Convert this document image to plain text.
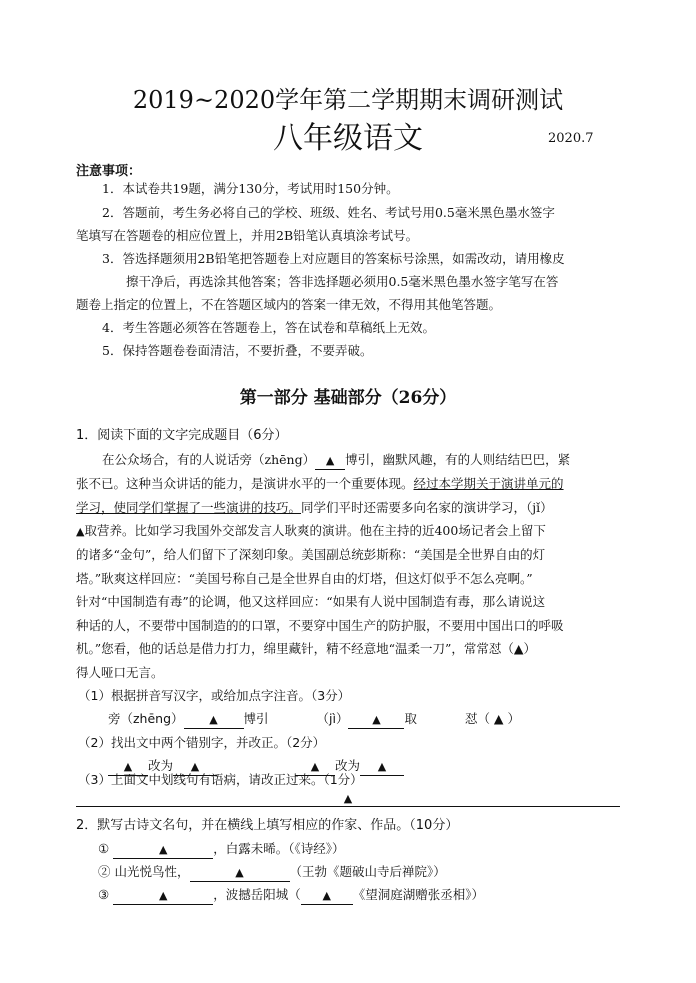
2019~2020学年第二学期期末调研测试
八年级语文	2020.7
注意事项：
1．本试卷共19题，满分130分，考试用时150分钟。
2．答题前，考生务必将自己的学校、班级、姓名、考试号用0.5毫米黑色墨水签字
笔填写在答题卷的相应位置上，并用2B铅笔认真填涂考试号。
3．答选择题须用2B铅笔把答题卷上对应题目的答案标号涂黑，如需改动，请用橡皮
擦干净后，再选涂其他答案；答非选择题必须用0.5毫米黑色墨水签字笔写在答
题卷上指定的位置上，不在答题区域内的答案一律无效，不得用其他笔答题。
4．考生答题必须答在答题卷上，答在试卷和草稿纸上无效。
5．保持答题卷卷面清洁，不要折叠，不要弄破。
第一部分 基础部分（26分）
1．阅读下面的文字完成题目（6分）
在公众场合，有的人说话旁（zhēng） ▲ 博引，幽默风趣，有的人则结结巴巴，紧
张不已。这种当众讲话的能力，是演讲水平的一个重要体现。经过本学期关于演讲单元的
学习，使同学们掌握了一些演讲的技巧。同学们平时还需要多向名家的演讲学习，（jǐ）
▲取营养。比如学习我国外交部发言人耿爽的演讲。他在主持的近400场记者会上留下
的诸多“金句”，给人们留下了深刻印象。美国副总统彭斯称：“美国是全世界自由的灯
塔。”耿爽这样回应：“美国号称自己是全世界自由的灯塔，但这灯似乎不怎么亮啊。”
针对“中国制造有毒”的论调，他又这样回应：“如果有人说中国制造有毒，那么请说这
种话的人，不要带中国制造的的口罩，不要穿中国生产的防护服，不要用中国出口的呼吸
机。”您看，他的话总是借力打力，绵里藏针，精不经意地“温柔一刀”，常常怼（▲）
得人哑口无言。
（1）根据拼音写汉字，或给加点字注音。（3分）
旁（zhēng） ▲ 博引	（jì） ▲ 取	怼（ ▲ ）
（2）找出文中两个错别字，并改正。（2分）
▲ 改为 ▲	▲ 改为 ▲
（3）上面文中划线句有语病，请改正过来。（1分）
▲
2．默写古诗文名句，并在横线上填写相应的作家、作品。（10分）
①	▲	，白露未晞。（《诗经》）
② 山光悦鸟性，	▲	（王勃《题破山寺后禅院》）
③	▲	，波撼岳阳城（ ▲ 《望洞庭湖赠张丞相》）
